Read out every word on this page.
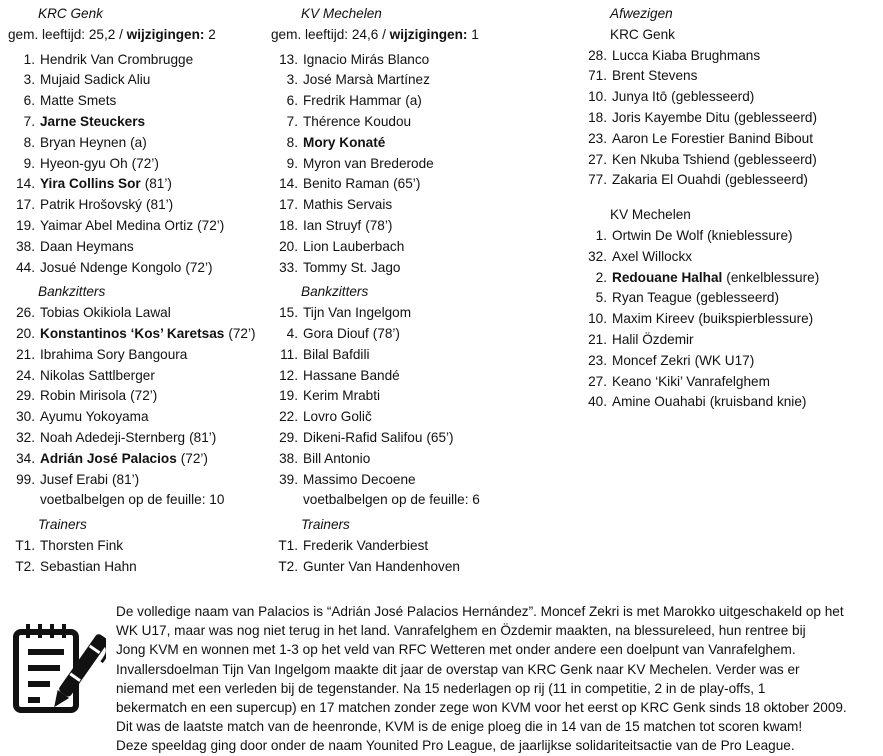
KRC Genk
gem. leeftijd: 25,2 / wijzigingen: 2
1. Hendrik Van Crombrugge
3. Mujaid Sadick Aliu
6. Matte Smets
7. Jarne Steuckers
8. Bryan Heynen (a)
9. Hyeon-gyu Oh (72’)
14. Yira Collins Sor (81’)
17. Patrik Hrošovský (81’)
19. Yaimar Abel Medina Ortiz (72’)
38. Daan Heymans
44. Josué Ndenge Kongolo (72’)
Bankzitters
26. Tobias Okikiola Lawal
20. Konstantinos ‘Kos’ Karetsas (72’)
21. Ibrahima Sory Bangoura
24. Nikolas Sattlberger
29. Robin Mirisola (72’)
30. Ayumu Yokoyama
32. Noah Adedeji-Sternberg (81’)
34. Adrián José Palacios (72’)
99. Jusef Erabi (81’)
voetbalbelgen op de feuille: 10
Trainers
T1. Thorsten Fink
T2. Sebastian Hahn
KV Mechelen
gem. leeftijd: 24,6 / wijzigingen: 1
13. Ignacio Mirás Blanco
3. José Marsà Martínez
6. Fredrik Hammar (a)
7. Thérence Koudou
8. Mory Konaté
9. Myron van Brederode
14. Benito Raman (65’)
17. Mathis Servais
18. Ian Struyf (78’)
20. Lion Lauberbach
33. Tommy St. Jago
Bankzitters
15. Tijn Van Ingelgom
4. Gora Diouf (78’)
11. Bilal Bafdili
12. Hassane Bandé
19. Kerim Mrabti
22. Lovro Golič
29. Dikeni-Rafid Salifou (65’)
38. Bill Antonio
39. Massimo Decoene
voetbalbelgen op de feuille: 6
Trainers
T1. Frederik Vanderbiest
T2. Gunter Van Handenhoven
Afwezigen
KRC Genk
28. Lucca Kiaba Brughmans
71. Brent Stevens
10. Junya Itō (geblesseerd)
18. Joris Kayembe Ditu (geblesseerd)
23. Aaron Le Forestier Banind Bibout
27. Ken Nkuba Tshiend (geblesseerd)
77. Zakaria El Ouahdi (geblesseerd)
KV Mechelen
1. Ortwin De Wolf (knieblessure)
32. Axel Willockx
2. Redouane Halhal (enkelblessure)
5. Ryan Teague (geblesseerd)
10. Maxim Kireev (buikspierblessure)
21. Halil Özdemir
23. Moncef Zekri (WK U17)
27. Keano ‘Kiki’ Vanrafelghem
40. Amine Ouahabi (kruisband knie)

De volledige naam van Palacios is “Adrián José Palacios Hernández”. Moncef Zekri is met Marokko uitgeschakeld op het

WK U17, maar was nog niet terug in het land. Vanrafelghem en Özdemir maakten, na blessureleed, hun rentree bij

Jong KVM en wonnen met 1-3 op het veld van RFC Wetteren met onder andere een doelpunt van Vanrafelghem.

Invallersdoelman Tijn Van Ingelgom maakte dit jaar de overstap van KRC Genk naar KV Mechelen. Verder was er

niemand met een verleden bij de tegenstander. Na 15 nederlagen op rij (11 in competitie, 2 in de play-offs, 1

bekermatch en een supercup) en 17 matchen zonder zege won KVM voor het eerst op KRC Genk sinds 18 oktober 2009.

Dit was de laatste match van de heenronde, KVM is de enige ploeg die in 14 van de 15 matchen tot scoren kwam!

Deze speeldag ging door onder de naam Younited Pro League, de jaarlijkse solidariteitsactie van de Pro League.
